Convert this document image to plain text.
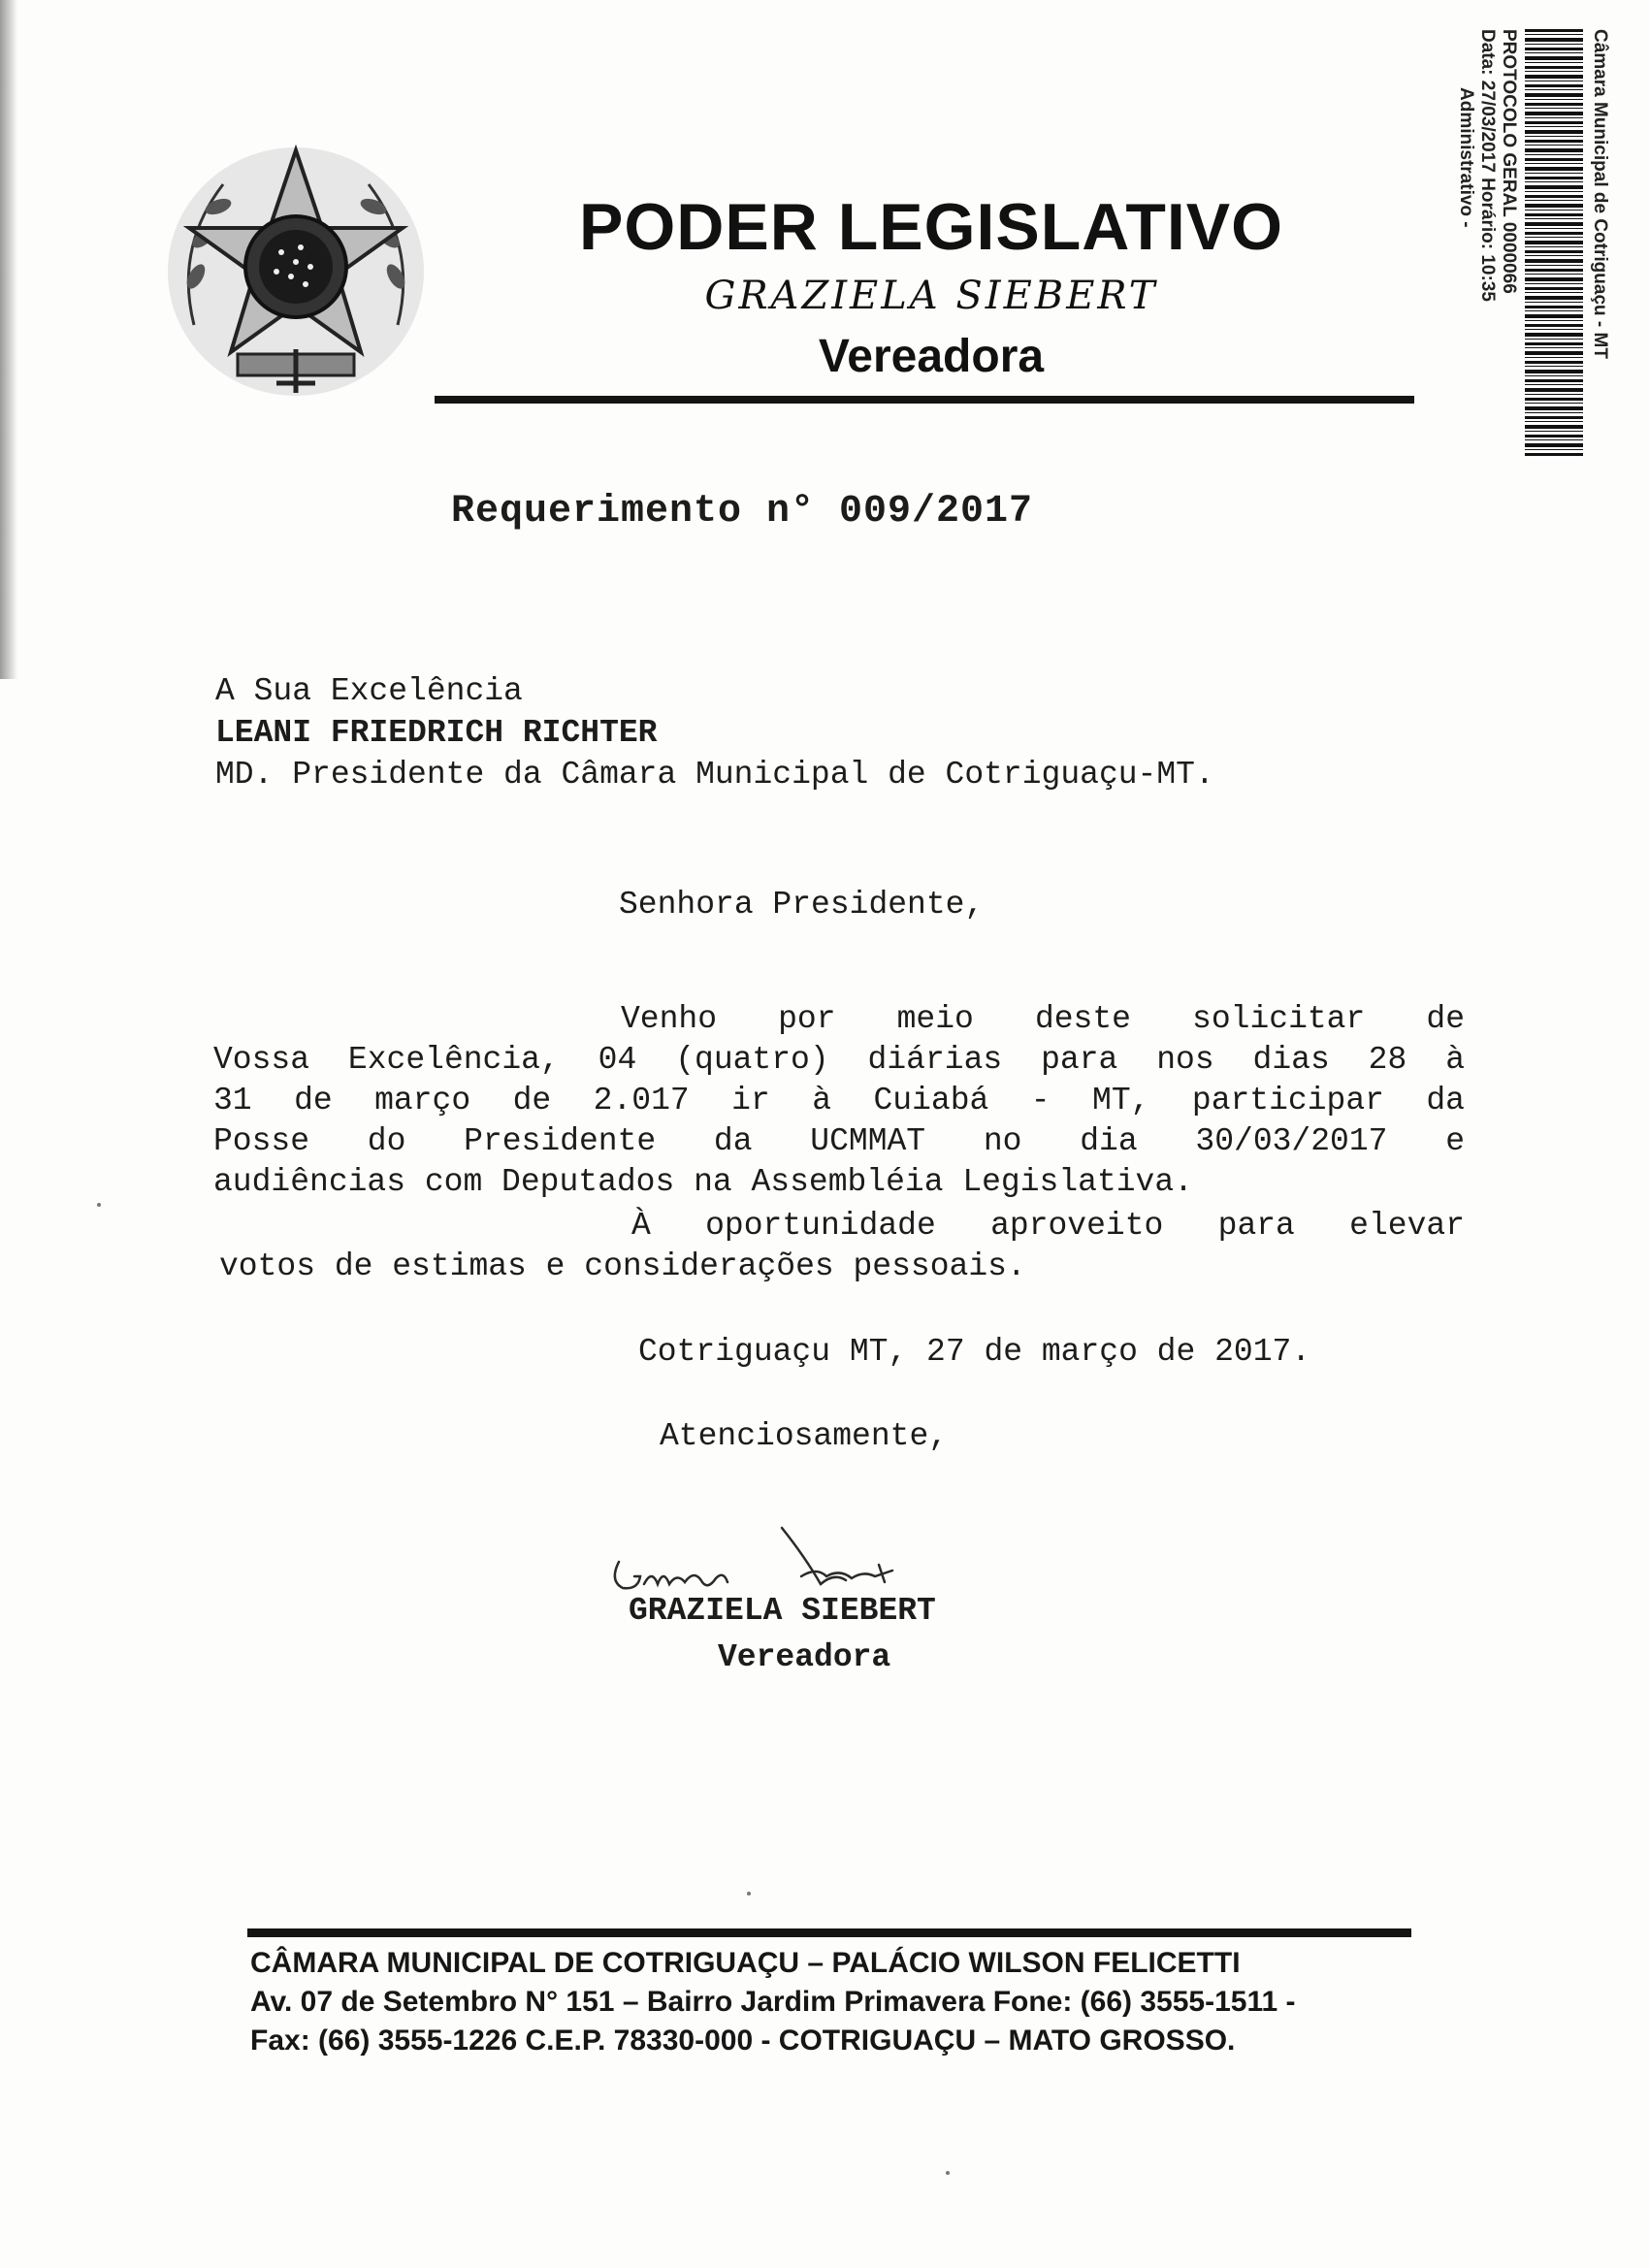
PODER LEGISLATIVO
GRAZIELA SIEBERT
Vereadora	Câmara Municipal de Cotriguaçu - MT
PROTOCOLO GERAL 0000066
Data: 27/03/2017 Horário: 10:35
Administrativo -
Requerimento n° 009/2017
A Sua Excelência
LEANI FRIEDRICH RICHTER
MD. Presidente da Câmara Municipal de Cotriguaçu-MT.
Senhora Presidente,

Venho por meio deste solicitar de

Vossa Excelência, 04 (quatro) diárias para nos dias 28 à

31 de março de 2.017 ir à Cuiabá - MT, participar da

Posse do Presidente da UCMMAT no dia 30/03/2017 e

audiências com Deputados na Assembléia Legislativa.

À oportunidade aproveito para elevar
votos de estimas e considerações pessoais.
Cotriguaçu MT, 27 de março de 2017.
Atenciosamente,
GRAZIELA SIEBERT
Vereadora
CÂMARA MUNICIPAL DE COTRIGUAÇU – PALÁCIO WILSON FELICETTI
Av. 07 de Setembro N° 151 – Bairro Jardim Primavera Fone: (66) 3555-1511 -
Fax: (66) 3555-1226 C.E.P. 78330-000 - COTRIGUAÇU – MATO GROSSO.
